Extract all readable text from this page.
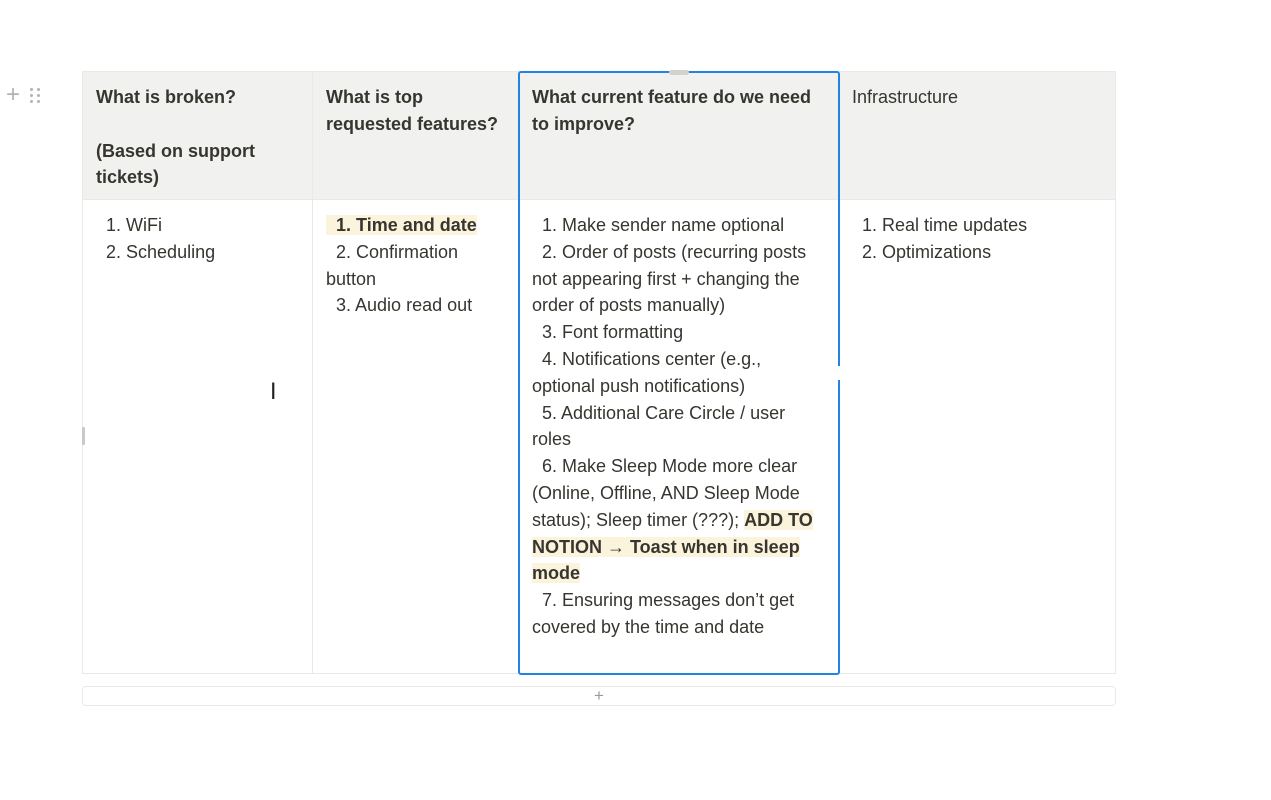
+	What is broken?
(Based on support tickets)
What is top requested features?
What current feature do we need to improve?
Infrastructure
1. WiFi
2. Scheduling
1. Time and date
2. Confirmation button
3. Audio read out
1. Make sender name optional
2. Order of posts (recurring posts not appearing first + changing the order of posts manually)
3. Font formatting
4. Notifications center (e.g., optional push notifications)
5. Additional Care Circle / user roles
6. Make Sleep Mode more clear (Online, Offline, AND Sleep Mode status); Sleep timer (???); ADD TO NOTION → Toast when in sleep mode
7. Ensuring messages don’t get covered by the time and date
1. Real time updates
2. Optimizations
I
+
